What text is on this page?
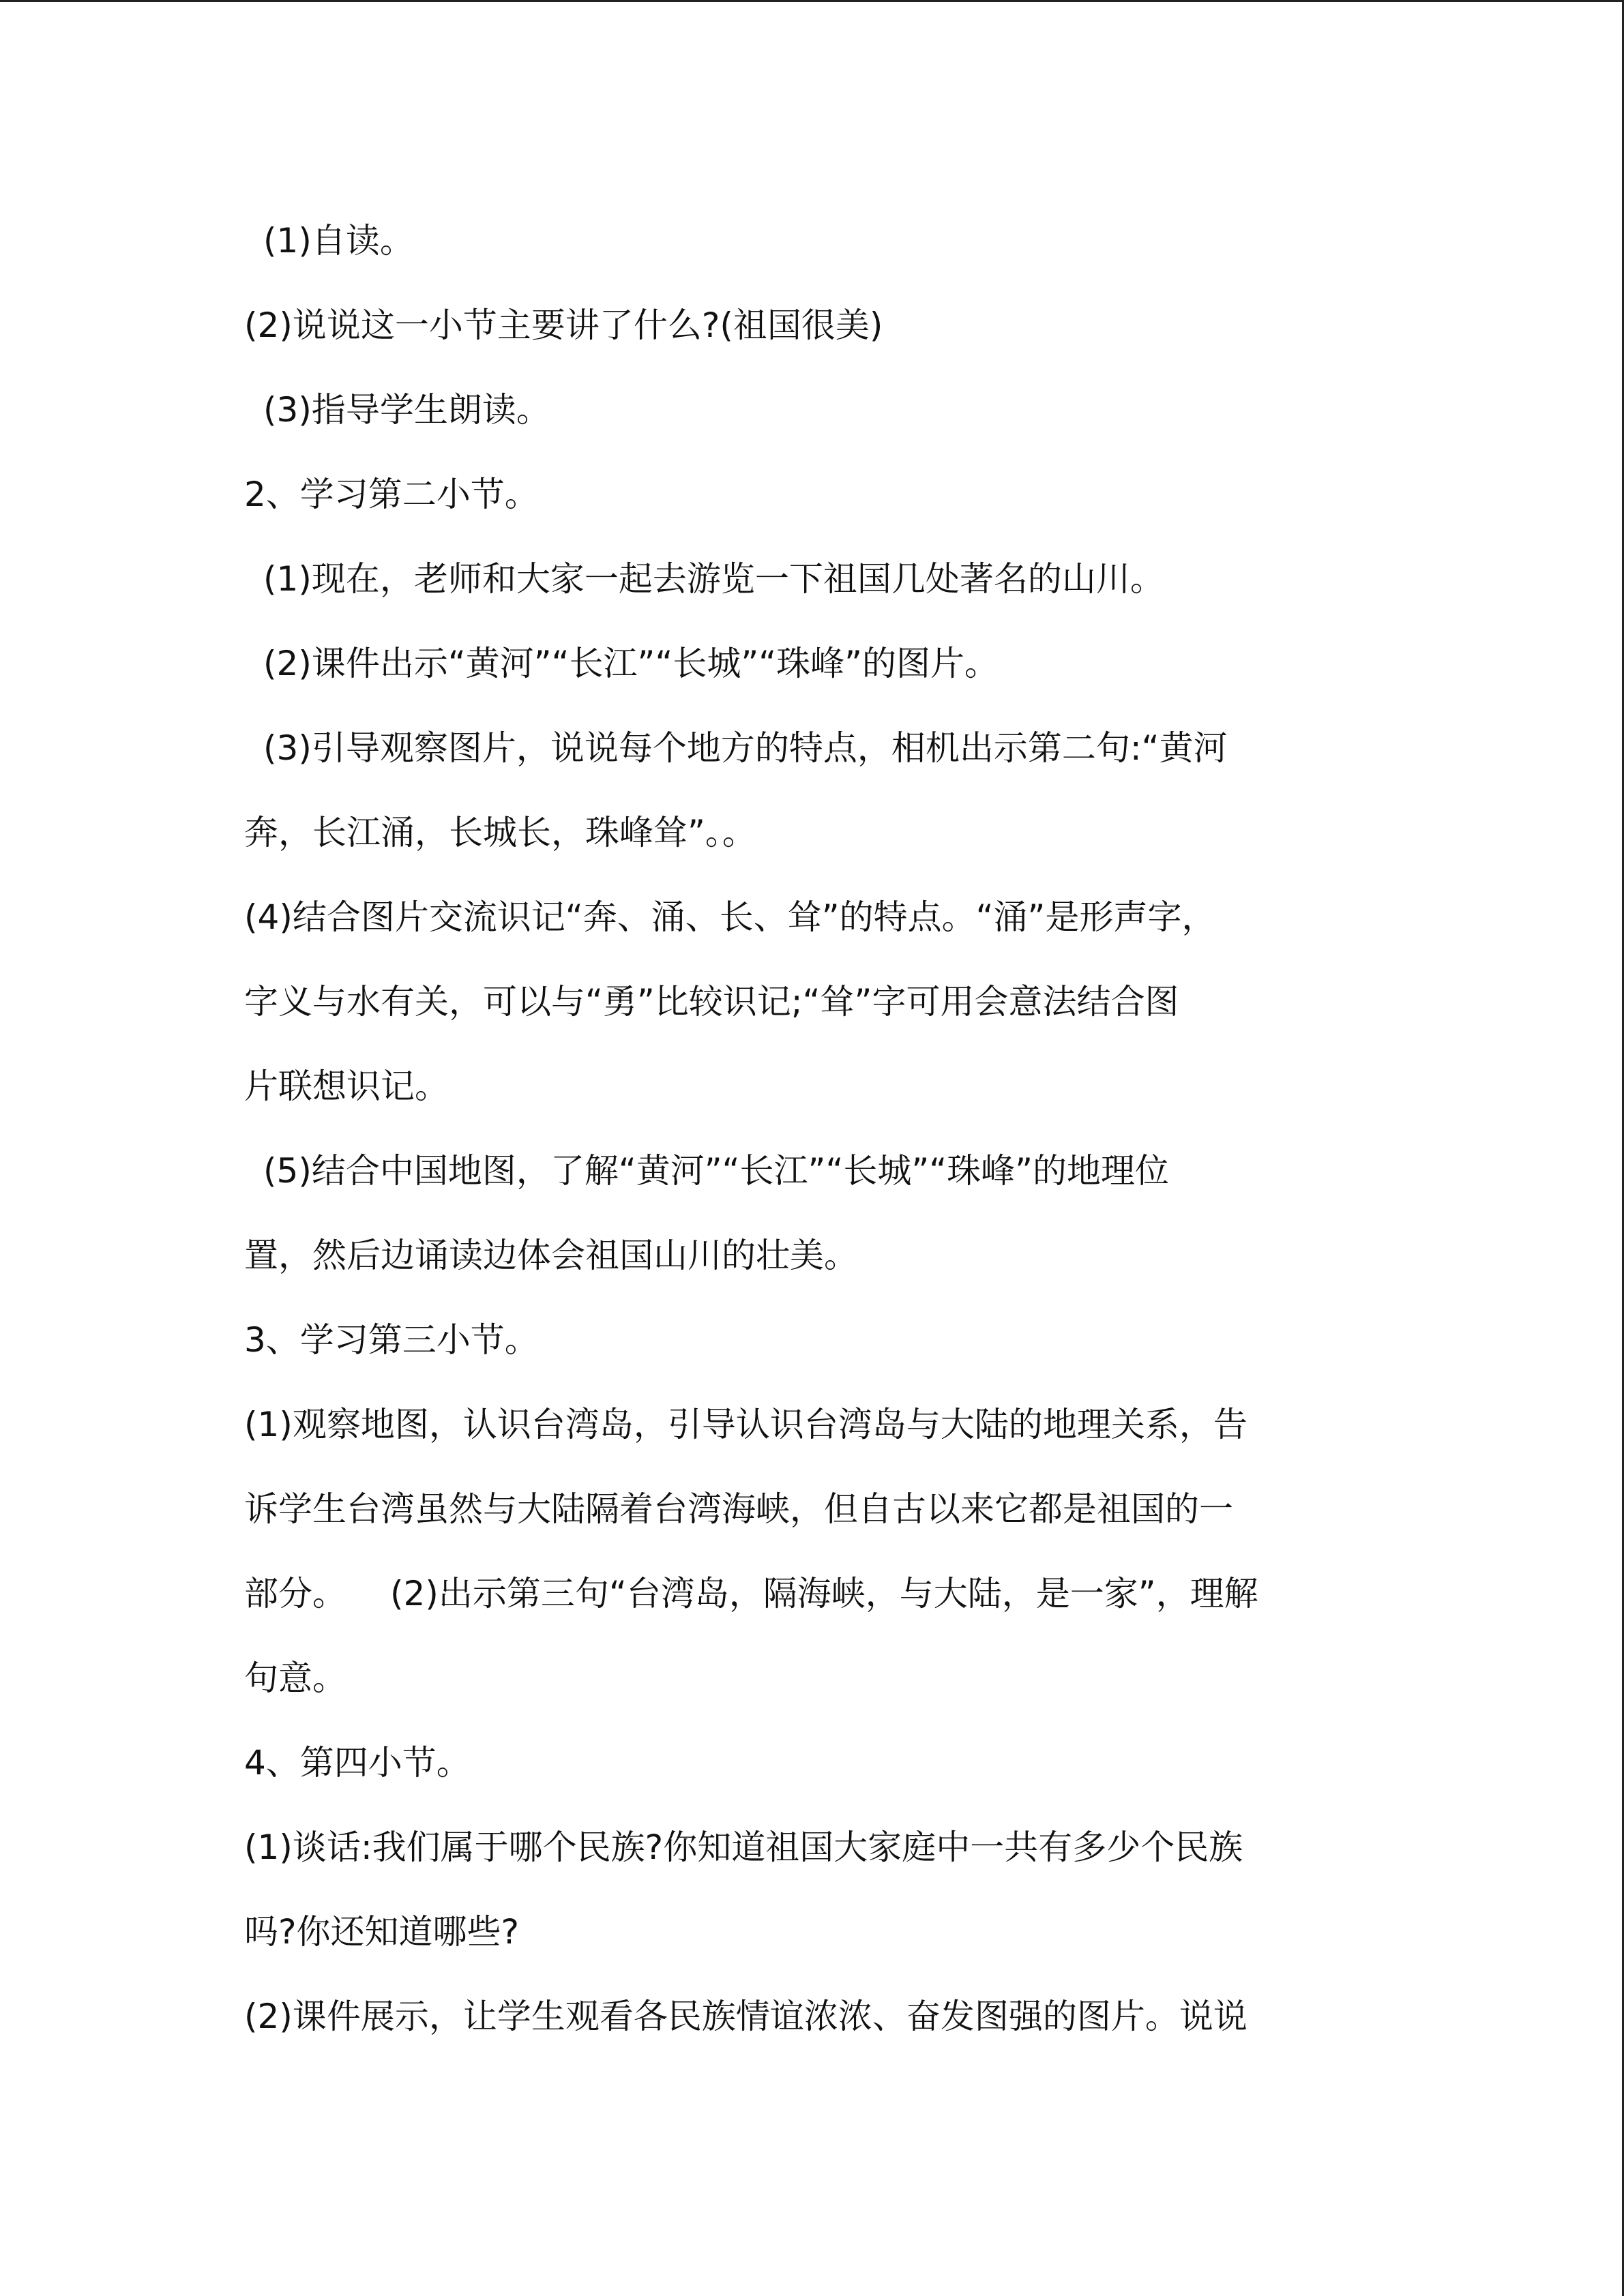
(1)自读。
(2)说说这一小节主要讲了什么?(祖国很美)
(3)指导学生朗读。
2、学习第二小节。
(1)现在，老师和大家一起去游览一下祖国几处著名的山川。
(2)课件出示“黄河”“长江”“长城”“珠峰”的图片。
(3)引导观察图片，说说每个地方的特点，相机出示第二句:“黄河
奔，长江涌，长城长，珠峰耸”。。
(4)结合图片交流识记“奔、涌、长、耸”的特点。“涌”是形声字，
字义与水有关，可以与“勇”比较识记;“耸”字可用会意法结合图
片联想识记。
(5)结合中国地图，了解“黄河”“长江”“长城”“珠峰”的地理位
置，然后边诵读边体会祖国山川的壮美。
3、学习第三小节。
(1)观察地图，认识台湾岛，引导认识台湾岛与大陆的地理关系，告
诉学生台湾虽然与大陆隔着台湾海峡，但自古以来它都是祖国的一
部分。 (2)出示第三句“台湾岛，隔海峡，与大陆，是一家”，理解
句意。
4、第四小节。
(1)谈话:我们属于哪个民族?你知道祖国大家庭中一共有多少个民族
吗?你还知道哪些?
(2)课件展示，让学生观看各民族情谊浓浓、奋发图强的图片。说说
